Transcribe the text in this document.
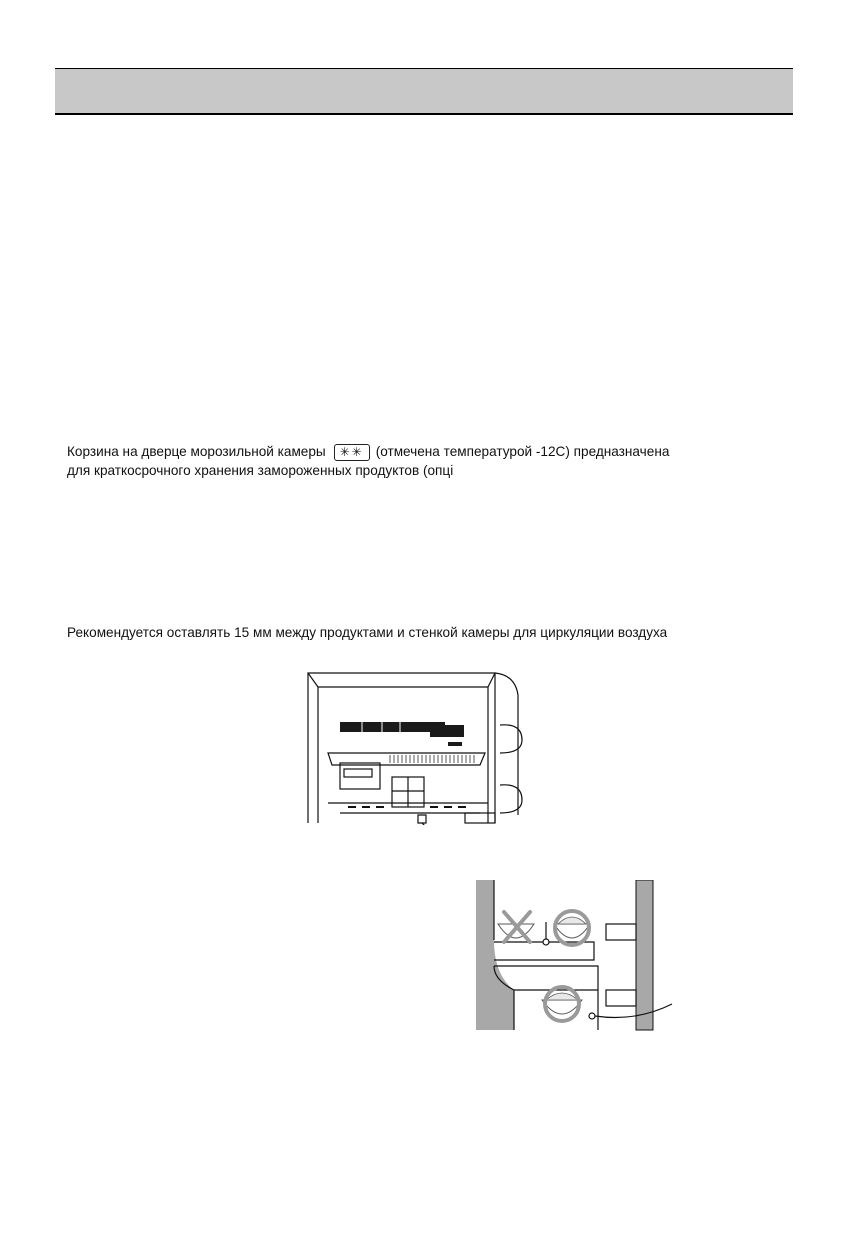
Корзина на дверце морозильной камеры ✳✳ (отмечена температурой -12С) предназначена
для краткосрочного хранения замороженных продуктов (опці
Рекомендуется оставлять 15 мм между продуктами и стенкой камеры для циркуляции воздуха
